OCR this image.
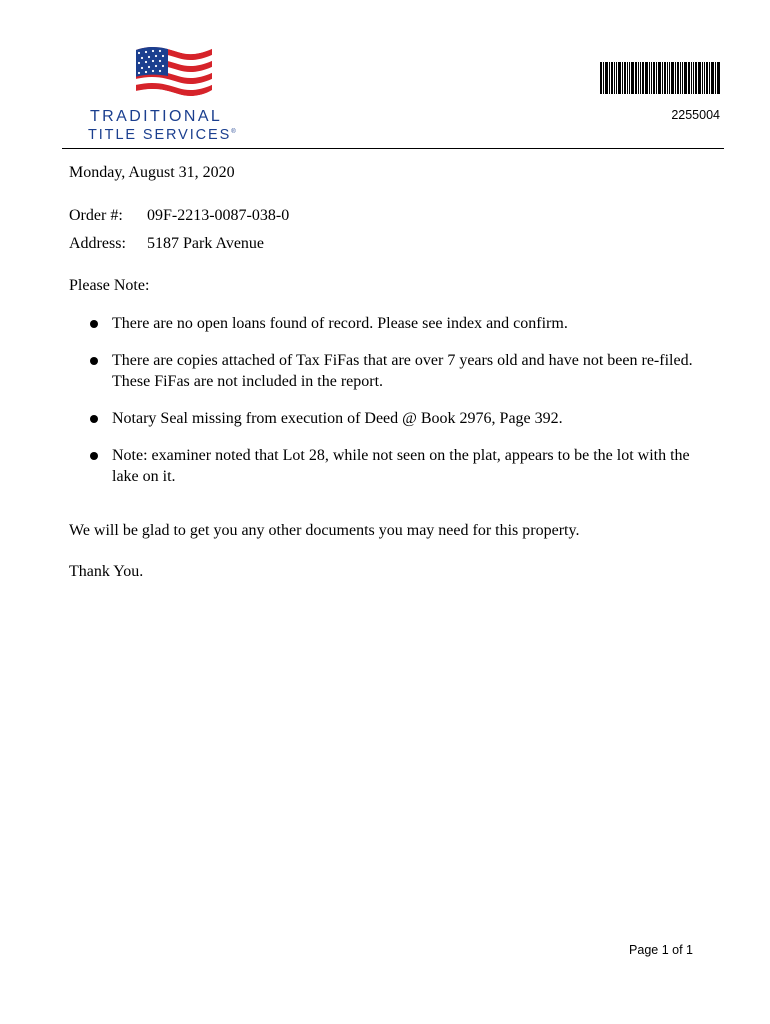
TRADITIONAL
TITLE SERVICES®
2255004
Monday, August 31, 2020
Order #: 09F-2213-0087-038-0
Address: 5187 Park Avenue
Please Note:
There are no open loans found of record. Please see index and confirm.
There are copies attached of Tax FiFas that are over 7 years old and have not been re-filed. These FiFas are not included in the report.
Notary Seal missing from execution of Deed @ Book 2976, Page 392.
Note: examiner noted that Lot 28, while not seen on the plat, appears to be the lot with the lake on it.
We will be glad to get you any other documents you may need for this property.
Thank You.
Page 1 of 1
